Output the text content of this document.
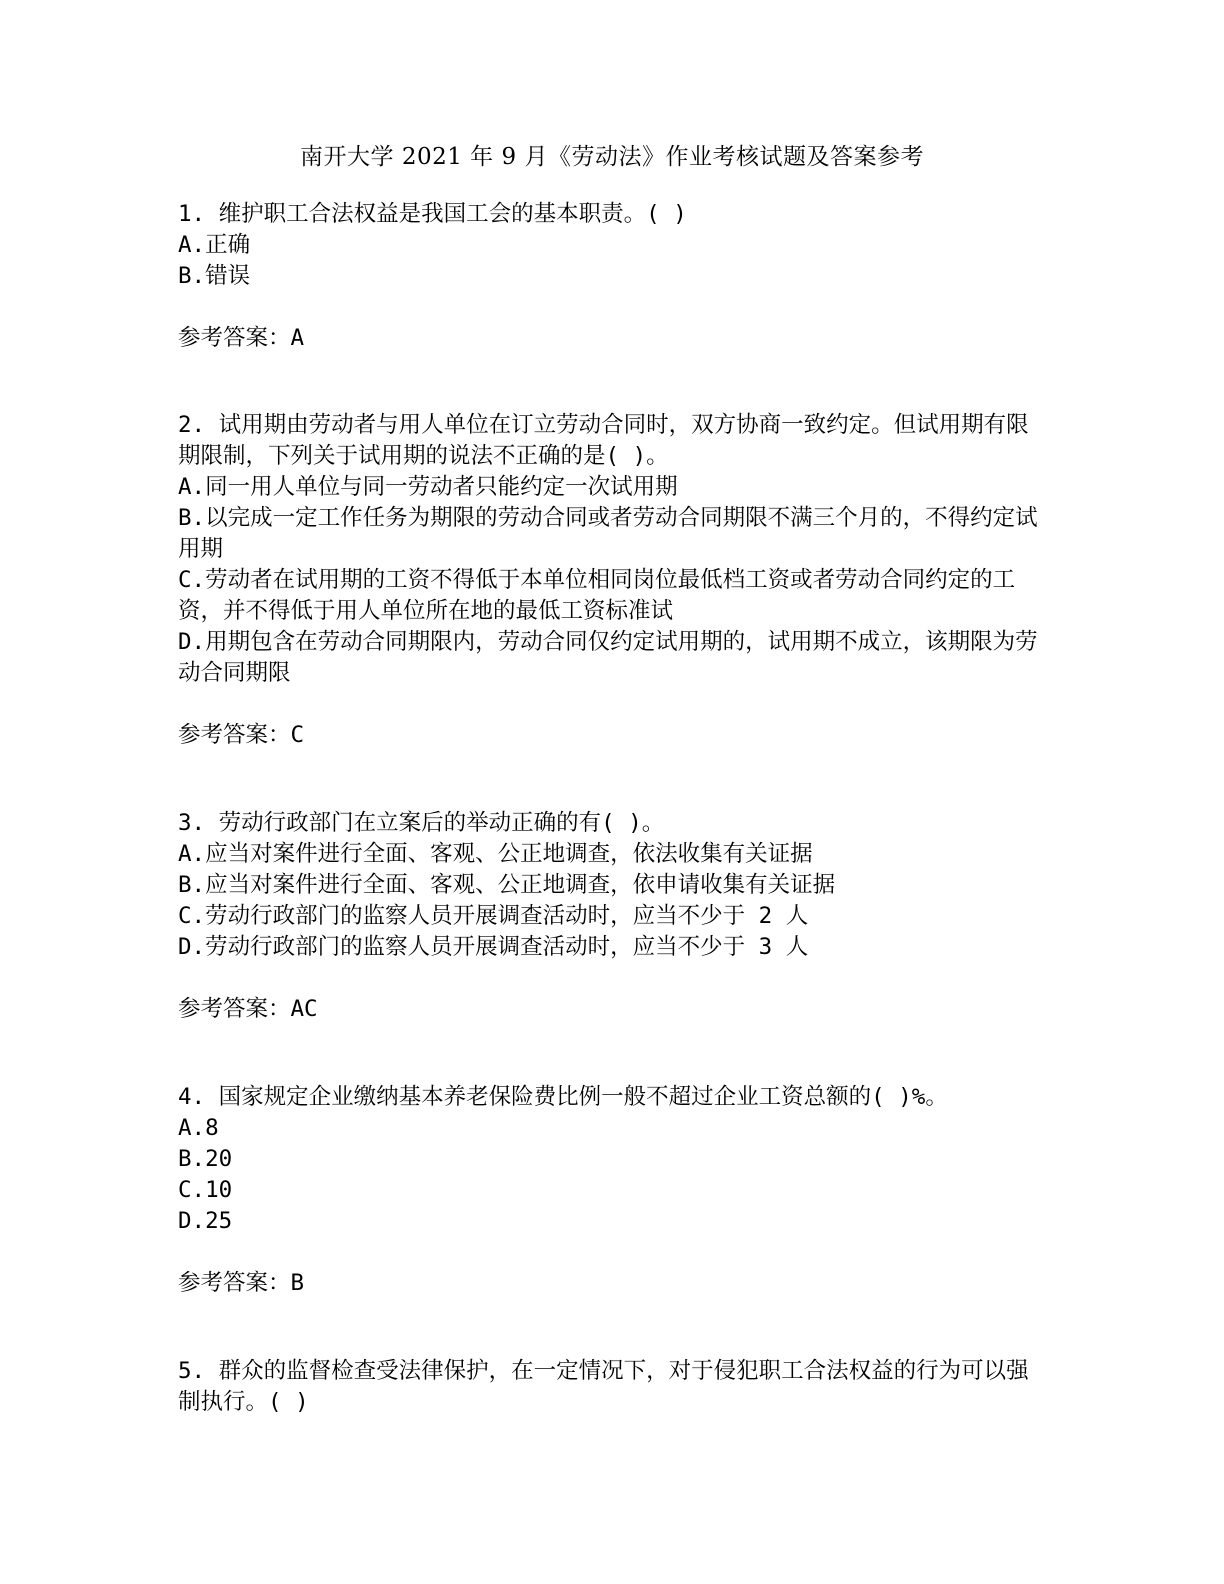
南开大学 2021 年 9 月《劳动法》作业考核试题及答案参考
1. 维护职工合法权益是我国工会的基本职责。( )
A.正确
B.错误
参考答案：A
2. 试用期由劳动者与用人单位在订立劳动合同时，双方协商一致约定。但试用期有限期限制，下列关于试用期的说法不正确的是( )。
A.同一用人单位与同一劳动者只能约定一次试用期
B.以完成一定工作任务为期限的劳动合同或者劳动合同期限不满三个月的，不得约定试用期
C.劳动者在试用期的工资不得低于本单位相同岗位最低档工资或者劳动合同约定的工资，并不得低于用人单位所在地的最低工资标准试
D.用期包含在劳动合同期限内，劳动合同仅约定试用期的，试用期不成立，该期限为劳动合同期限
参考答案：C
3. 劳动行政部门在立案后的举动正确的有( )。
A.应当对案件进行全面、客观、公正地调查，依法收集有关证据
B.应当对案件进行全面、客观、公正地调查，依申请收集有关证据
C.劳动行政部门的监察人员开展调查活动时，应当不少于 2 人
D.劳动行政部门的监察人员开展调查活动时，应当不少于 3 人
参考答案：AC
4. 国家规定企业缴纳基本养老保险费比例一般不超过企业工资总额的( )%。
A.8
B.20
C.10
D.25
参考答案：B
5. 群众的监督检查受法律保护，在一定情况下，对于侵犯职工合法权益的行为可以强制执行。( )
